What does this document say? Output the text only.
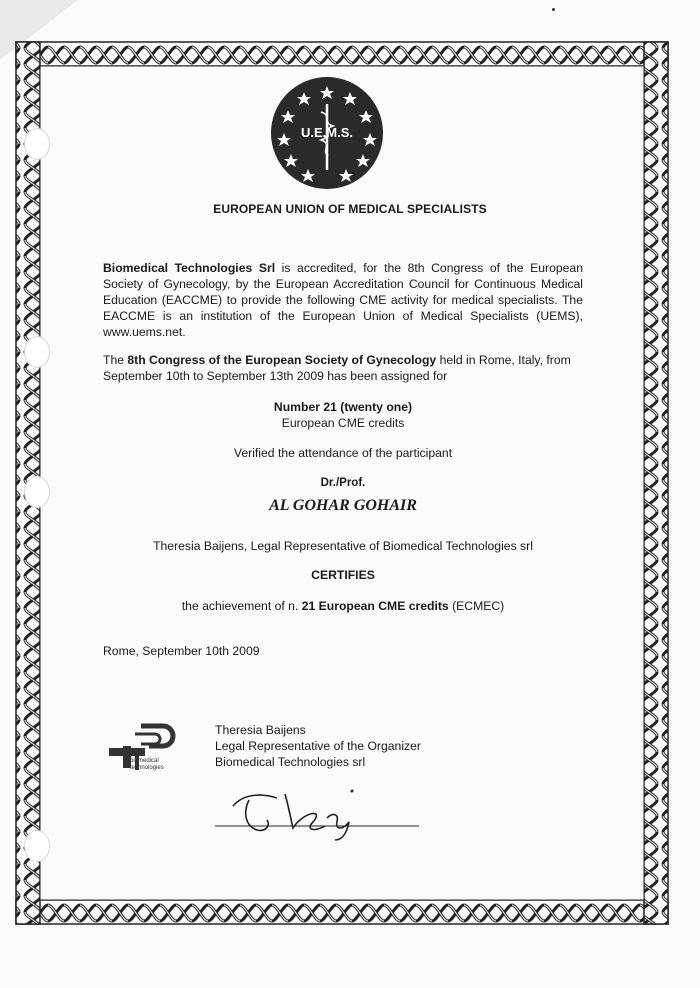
U.E.M.S.
EUROPEAN UNION OF MEDICAL SPECIALISTS
Biomedical Technologies Srl is accredited, for the 8th Congress of the European Society of Gynecology, by the European Accreditation Council for Continuous Medical Education (EACCME) to provide the following CME activity for medical specialists. The EACCME is an institution of the European Union of Medical Specialists (UEMS), www.uems.net.
The 8th Congress of the European Society of Gynecology held in Rome, Italy, from September 10th to September 13th 2009 has been assigned for
Number 21 (twenty one)
European CME credits
Verified the attendance of the participant
Dr./Prof.
AL GOHAR GOHAIR
Theresia Baijens, Legal Representative of Biomedical Technologies srl
CERTIFIES
the achievement of n. 21 European CME credits (ECMEC)
Rome, September 10th 2009
biomedical
technologies
Theresia Baijens
Legal Representative of the Organizer
Biomedical Technologies srl
